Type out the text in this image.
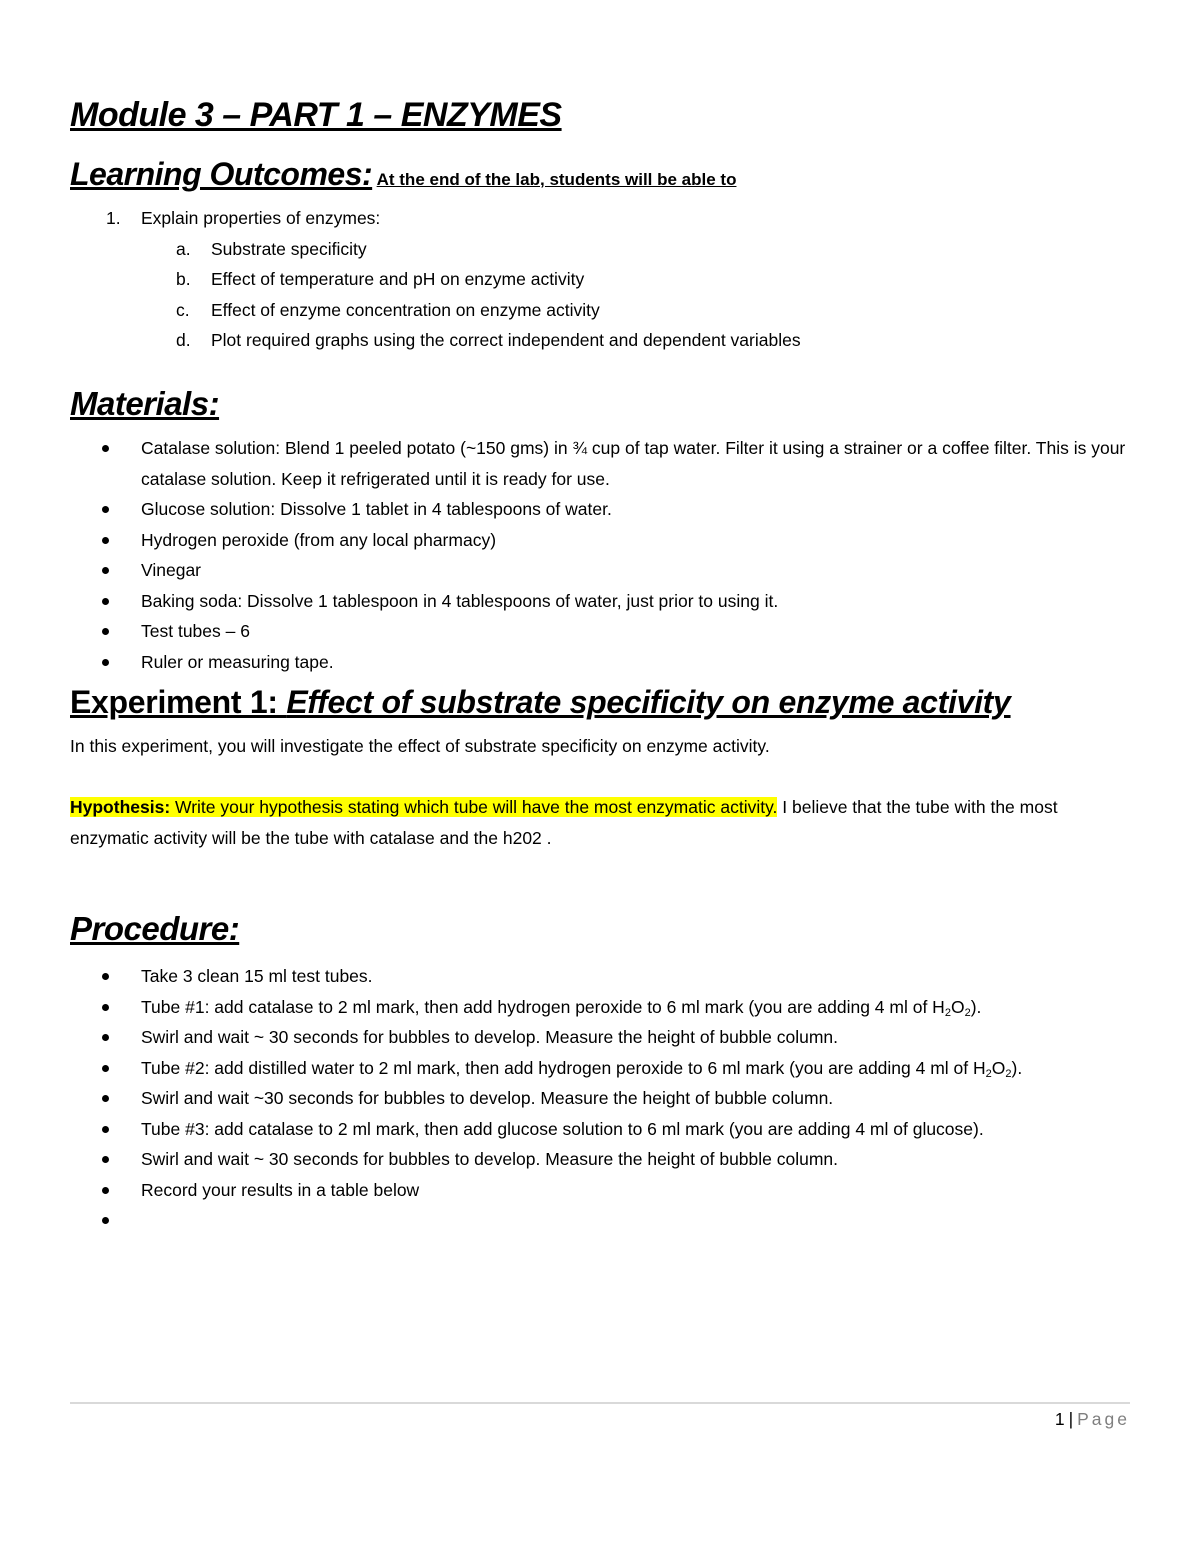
Module 3 – PART 1 – ENZYMES
Learning Outcomes: At the end of the lab, students will be able to
1. Explain properties of enzymes:
a. Substrate specificity
b. Effect of temperature and pH on enzyme activity
c. Effect of enzyme concentration on enzyme activity
d. Plot required graphs using the correct independent and dependent variables
Materials:
Catalase solution: Blend 1 peeled potato (~150 gms) in ¾ cup of tap water. Filter it using a strainer or a coffee filter. This is your catalase solution. Keep it refrigerated until it is ready for use.
Glucose solution: Dissolve 1 tablet in 4 tablespoons of water.
Hydrogen peroxide (from any local pharmacy)
Vinegar
Baking soda: Dissolve 1 tablespoon in 4 tablespoons of water, just prior to using it.
Test tubes – 6
Ruler or measuring tape.
Experiment 1: Effect of substrate specificity on enzyme activity
In this experiment, you will investigate the effect of substrate specificity on enzyme activity.
Hypothesis: Write your hypothesis stating which tube will have the most enzymatic activity. I believe that the tube with the most enzymatic activity will be the tube with catalase and the h202 .
Procedure:
Take 3 clean 15 ml test tubes.
Tube #1: add catalase to 2 ml mark, then add hydrogen peroxide to 6 ml mark (you are adding 4 ml of $H_2O_2$).
Swirl and wait ~ 30 seconds for bubbles to develop. Measure the height of bubble column.
Tube #2: add distilled water to 2 ml mark, then add hydrogen peroxide to 6 ml mark (you are adding 4 ml of $H_2O_2$).
Swirl and wait ~30 seconds for bubbles to develop. Measure the height of bubble column.
Tube #3: add catalase to 2 ml mark, then add glucose solution to 6 ml mark (you are adding 4 ml of glucose).
Swirl and wait ~ 30 seconds for bubbles to develop. Measure the height of bubble column.
Record your results in a table below
1 | Page
